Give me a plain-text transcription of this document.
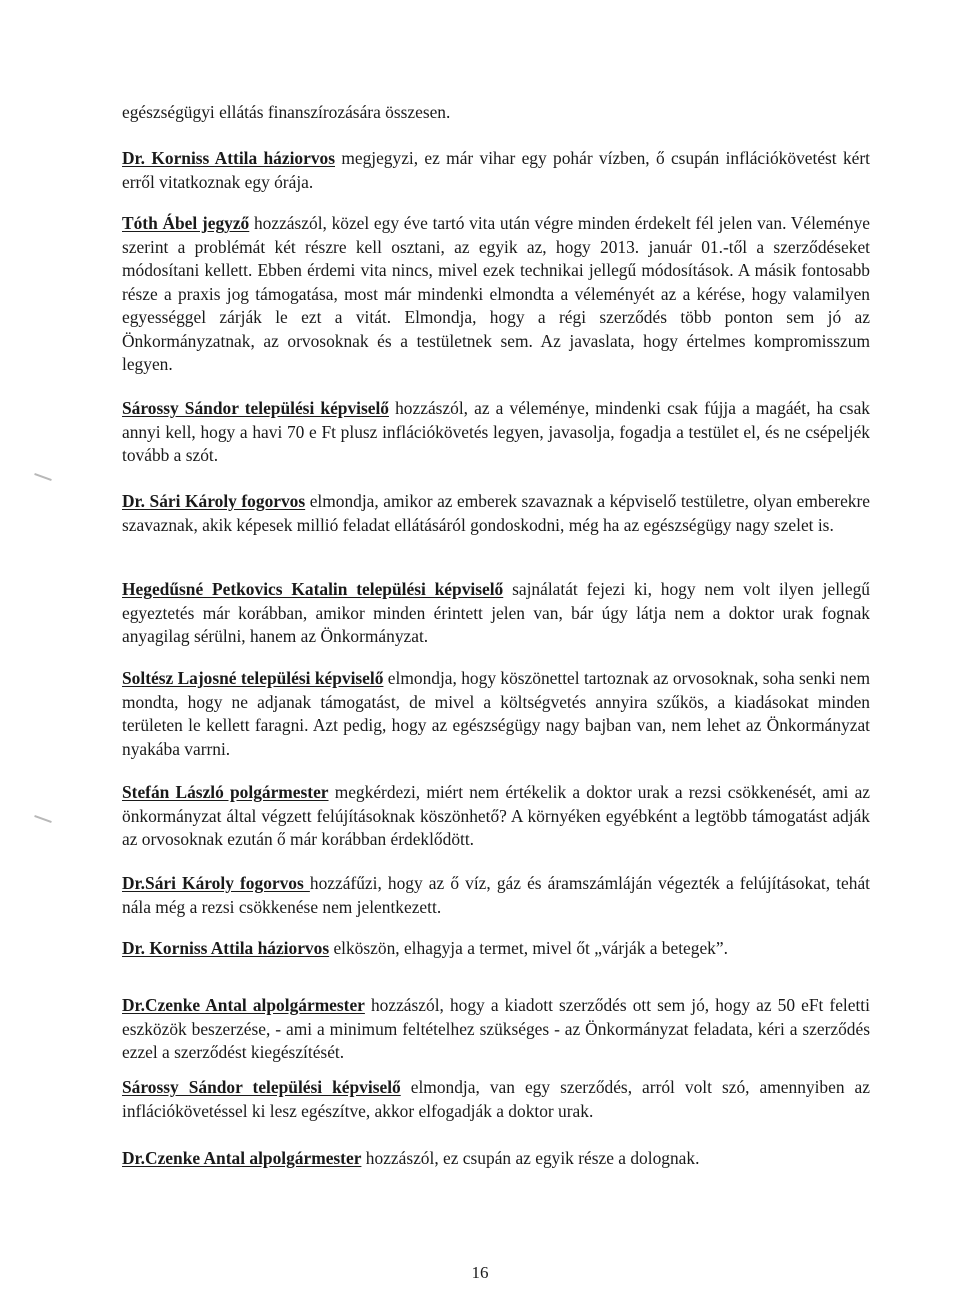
egészségügyi ellátás finanszírozására összesen.

Dr. Korniss Attila háziorvos megjegyzi, ez már vihar egy pohár vízben, ő csupán inflációkövetést kért erről vitatkoznak egy órája.

Tóth Ábel jegyző hozzászól, közel egy éve tartó vita után végre minden érdekelt fél jelen van. Véleménye szerint a problémát két részre kell osztani, az egyik az, hogy 2013. január 01.-től a szerződéseket módosítani kellett. Ebben érdemi vita nincs, mivel ezek technikai jellegű módosítások. A másik fontosabb része a praxis jog támogatása, most már mindenki elmondta a véleményét az a kérése, hogy valamilyen egyességgel zárják le ezt a vitát. Elmondja, hogy a régi szerződés több ponton sem jó az Önkormányzatnak, az orvosoknak és a testületnek sem. Az javaslata, hogy értelmes kompromisszum legyen.

Sárossy Sándor települési képviselő hozzászól, az a véleménye, mindenki csak fújja a magáét, ha csak annyi kell, hogy a havi 70 e Ft plusz inflációkövetés legyen, javasolja, fogadja a testület el, és ne csépeljék tovább a szót.

Dr. Sári Károly fogorvos elmondja, amikor az emberek szavaznak a képviselő testületre, olyan emberekre szavaznak, akik képesek millió feladat ellátásáról gondoskodni, még ha az egészségügy nagy szelet is.

Hegedűsné Petkovics Katalin települési képviselő sajnálatát fejezi ki, hogy nem volt ilyen jellegű egyeztetés már korábban, amikor minden érintett jelen van, bár úgy látja nem a doktor urak fognak anyagilag sérülni, hanem az Önkormányzat.

Soltész Lajosné települési képviselő elmondja, hogy köszönettel tartoznak az orvosoknak, soha senki nem mondta, hogy ne adjanak támogatást, de mivel a költségvetés annyira szűkös, a kiadásokat minden területen le kellett faragni. Azt pedig, hogy az egészségügy nagy bajban van, nem lehet az Önkormányzat nyakába varrni.

Stefán László polgármester megkérdezi, miért nem értékelik a doktor urak a rezsi csökkenését, ami az önkormányzat által végzett felújításoknak köszönhető? A környéken egyébként a legtöbb támogatást adják az orvosoknak ezután ő már korábban érdeklődött.

Dr.Sári Károly fogorvos hozzáfűzi, hogy az ő víz, gáz és áramszámláján végezték a felújításokat, tehát nála még a rezsi csökkenése nem jelentkezett.

Dr. Korniss Attila háziorvos elköszön, elhagyja a termet, mivel őt „várják a betegek”.

Dr.Czenke Antal alpolgármester hozzászól, hogy a kiadott szerződés ott sem jó, hogy az 50 eFt feletti eszközök beszerzése, - ami a minimum feltételhez szükséges - az Önkormányzat feladata, kéri a szerződés ezzel a szerződést kiegészítését.

Sárossy Sándor települési képviselő elmondja, van egy szerződés, arról volt szó, amennyiben az inflációkövetéssel ki lesz egészítve, akkor elfogadják a doktor urak.

Dr.Czenke Antal alpolgármester hozzászól, ez csupán az egyik része a dolognak.

16
